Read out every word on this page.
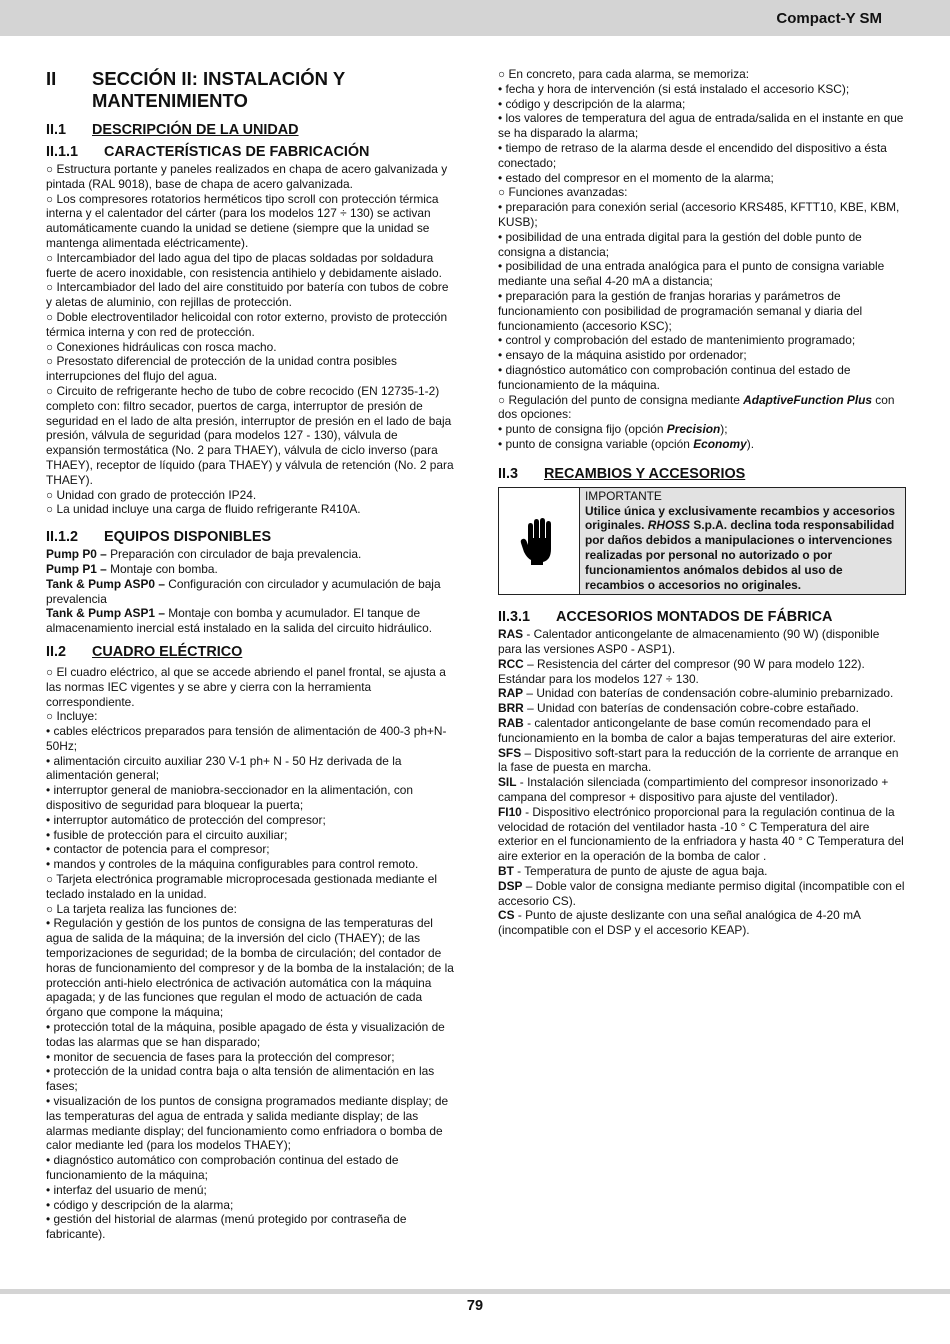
Compact-Y SM
II	SECCIÓN II: INSTALACIÓN Y MANTENIMIENTO
II.1	DESCRIPCIÓN DE LA UNIDAD
II.1.1	CARACTERÍSTICAS DE FABRICACIÓN

○ Estructura portante y paneles realizados en chapa de acero galvanizada y pintada (RAL 9018), base de chapa de acero galvanizada.

○ Los compresores rotatorios herméticos tipo scroll con protección térmica interna y el calentador del cárter (para los modelos 127 ÷ 130) se activan automáticamente cuando la unidad se detiene (siempre que la unidad se mantenga alimentada eléctricamente).

○ Intercambiador del lado agua del tipo de placas soldadas por soldadura fuerte de acero inoxidable, con resistencia antihielo y debidamente aislado.

○ Intercambiador del lado del aire constituido por batería con tubos de cobre y aletas de aluminio, con rejillas de protección.

○ Doble electroventilador helicoidal con rotor externo, provisto de protección térmica interna y con red de protección.

○ Conexiones hidráulicas con rosca macho.

○ Presostato diferencial de protección de la unidad contra posibles interrupciones del flujo del agua.

○ Circuito de refrigerante hecho de tubo de cobre recocido (EN 12735-1-2) completo con: filtro secador, puertos de carga, interruptor de presión de seguridad en el lado de alta presión, interruptor de presión en el lado de baja presión, válvula de seguridad (para modelos 127 - 130), válvula de expansión termostática (No. 2 para THAEY), válvula de ciclo inverso (para THAEY), receptor de líquido (para THAEY) y válvula de retención (No. 2 para THAEY).

○ Unidad con grado de protección IP24.

○ La unidad incluye una carga de fluido refrigerante R410A.

II.1.2	EQUIPOS DISPONIBLES

Pump P0 – Preparación con circulador de baja prevalencia.

Pump P1 – Montaje con bomba.

Tank & Pump ASP0 – Configuración con circulador y acumulación de baja prevalencia

Tank & Pump ASP1 – Montaje con bomba y acumulador. El tanque de almacenamiento inercial está instalado en la salida del circuito hidráulico.

II.2	CUADRO ELÉCTRICO

○ El cuadro eléctrico, al que se accede abriendo el panel frontal, se ajusta a las normas IEC vigentes y se abre y cierra con la herramienta correspondiente.

○ Incluye:

• cables eléctricos preparados para tensión de alimentación de 400-3 ph+N-50Hz;

• alimentación circuito auxiliar 230 V-1 ph+ N - 50 Hz derivada de la alimentación general;

• interruptor general de maniobra-seccionador en la alimentación, con dispositivo de seguridad para bloquear la puerta;

• interruptor automático de protección del compresor;

• fusible de protección para el circuito auxiliar;

• contactor de potencia para el compresor;

• mandos y controles de la máquina configurables para control remoto.

○ Tarjeta electrónica programable microprocesada gestionada mediante el teclado instalado en la unidad.

○ La tarjeta realiza las funciones de:

• Regulación y gestión de los puntos de consigna de las temperaturas del agua de salida de la máquina; de la inversión del ciclo (THAEY); de las temporizaciones de seguridad; de la bomba de circulación; del contador de horas de funcionamiento del compresor y de la bomba de la instalación; de la protección anti-hielo electrónica de activación automática con la máquina apagada; y de las funciones que regulan el modo de actuación de cada órgano que compone la máquina;

• protección total de la máquina, posible apagado de ésta y visualización de todas las alarmas que se han disparado;

• monitor de secuencia de fases para la protección del compresor;

• protección de la unidad contra baja o alta tensión de alimentación en las fases;

• visualización de los puntos de consigna programados mediante display; de las temperaturas del agua de entrada y salida mediante display; de las alarmas mediante display; del funcionamiento como enfriadora o bomba de calor mediante led (para los modelos THAEY);

• diagnóstico automático con comprobación continua del estado de funcionamiento de la máquina;

• interfaz del usuario de menú;

• código y descripción de la alarma;

• gestión del historial de alarmas (menú protegido por contraseña de fabricante).

○ En concreto, para cada alarma, se memoriza:

• fecha y hora de intervención (si está instalado el accesorio KSC);

• código y descripción de la alarma;

• los valores de temperatura del agua de entrada/salida en el instante en que se ha disparado la alarma;

• tiempo de retraso de la alarma desde el encendido del dispositivo a ésta conectado;

• estado del compresor en el momento de la alarma;

○ Funciones avanzadas:

• preparación para conexión serial (accesorio KRS485, KFTT10, KBE, KBM, KUSB);

• posibilidad de una entrada digital para la gestión del doble punto de consigna a distancia;

• posibilidad de una entrada analógica para el punto de consigna variable mediante una señal 4-20 mA a distancia;

• preparación para la gestión de franjas horarias y parámetros de funcionamiento con posibilidad de programación semanal y diaria del funcionamiento (accesorio KSC);

• control y comprobación del estado de mantenimiento programado;

• ensayo de la máquina asistido por ordenador;

• diagnóstico automático con comprobación continua del estado de funcionamiento de la máquina.

○ Regulación del punto de consigna mediante AdaptiveFunction Plus con dos opciones:

• punto de consigna fijo (opción Precision);

• punto de consigna variable (opción Economy).

II.3	RECAMBIOS Y ACCESORIOS
IMPORTANTE
Utilice única y exclusivamente recambios y accesorios originales. RHOSS S.p.A. declina toda responsabilidad por daños debidos a manipulaciones o intervenciones realizadas por personal no autorizado o por funcionamientos anómalos debidos al uso de recambios o accesorios no originales.
II.3.1	ACCESORIOS MONTADOS DE FÁBRICA

RAS - Calentador anticongelante de almacenamiento (90 W) (disponible para las versiones ASP0 - ASP1).

RCC – Resistencia del cárter del compresor (90 W para modelo 122). Estándar para los modelos 127 ÷ 130.

RAP – Unidad con baterías de condensación cobre-aluminio prebarnizado.

BRR – Unidad con baterías de condensación cobre-cobre estañado.

RAB - calentador anticongelante de base común recomendado para el funcionamiento en la bomba de calor a bajas temperaturas del aire exterior.

SFS – Dispositivo soft-start para la reducción de la corriente de arranque en la fase de puesta en marcha.

SIL - Instalación silenciada (compartimiento del compresor insonorizado + campana del compresor + dispositivo para ajuste del ventilador).

FI10 - Dispositivo electrónico proporcional para la regulación continua de la velocidad de rotación del ventilador hasta -10 ° C Temperatura del aire exterior en el funcionamiento de la enfriadora y hasta 40 ° C Temperatura del aire exterior en la operación de la bomba de calor .

BT - Temperatura de punto de ajuste de agua baja.

DSP – Doble valor de consigna mediante permiso digital (incompatible con el accesorio CS).

CS - Punto de ajuste deslizante con una señal analógica de 4-20 mA (incompatible con el DSP y el accesorio KEAP).

79
